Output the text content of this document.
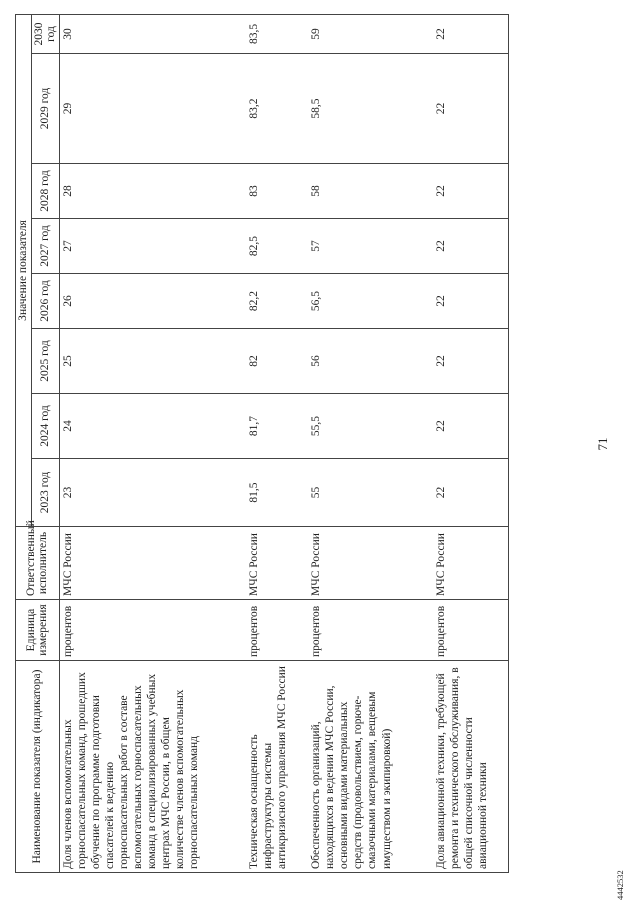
71
4442532
Наименование показателя (индикатора)	Единица измерения	Ответственный исполнитель	Значение показателя							
			2023 год	2024 год	2025 год	2026 год	2027 год	2028 год	2029 год	2030 год
Доля членов вспомогательных горноспасательных команд, прошедших обучение по программе подготовки спасателей к ведению горноспасательных работ в составе вспомогательных горноспасательных команд в специализированных учебных центрах МЧС России, в общем количестве членов вспомогательных горноспасательных команд	процентов	МЧС России	23	24	25	26	27	28	29	30
Техническая оснащенность инфраструктуры системы антикризисного управления МЧС России	процентов	МЧС России	81,5	81,7	82	82,2	82,5	83	83,2	83,5
Обеспеченность организаций, находящихся в ведении МЧС России, основными видами материальных средств (продовольствием, горюче-смазочными материалами, вещевым имуществом и экипировкой)	процентов	МЧС России	55	55,5	56	56,5	57	58	58,5	59
Доля авиационной техники, требующей ремонта и технического обслуживания, в общей списочной численности авиационной техники	процентов	МЧС России	22	22	22	22	22	22	22	22
